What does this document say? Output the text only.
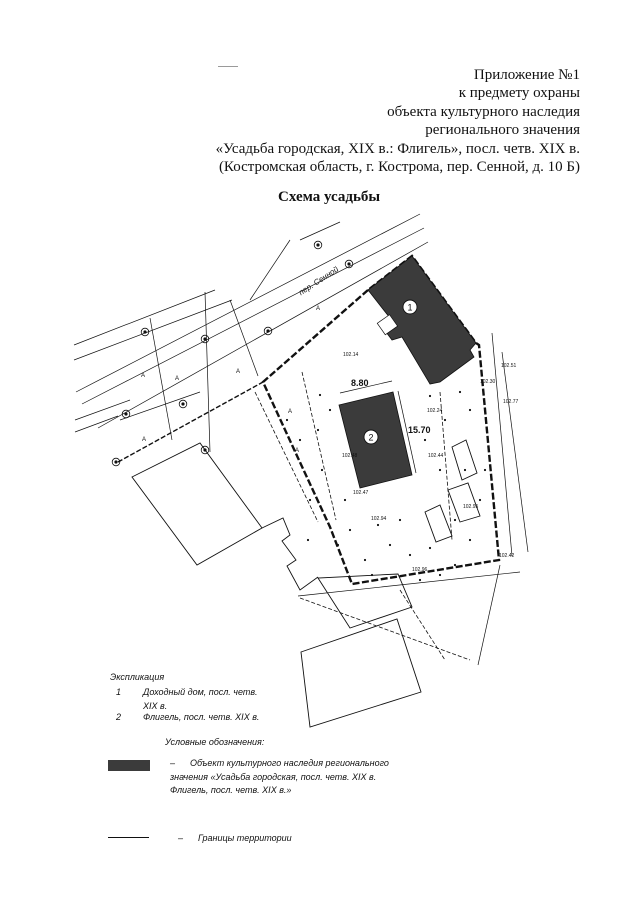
Приложение №1
к предмету охраны
объекта культурного наследия
регионального значения
«Усадьба городская, XIX в.: Флигель», посл. четв. XIX в.
(Костромская область, г. Кострома, пер. Сенной, д. 10 Б)
Схема усадьбы
1
2
8.80
15.70
пер. Сенной
102.14
102.51
102.77
102.24
102.30
102.44
102.48
102.47
102.95
102.94
102.96
102.42
А
А
А
А
А
А	А
Экспликация
1 Доходный дом, посл. четв.
XIX в.
2 Флигель, посл. четв. XIX в.
Условные обозначения:
– Объект культурного наследия регионального
значения «Усадьба городская, посл. четв. XIX в.
Флигель, посл. четв. XIX в.»
– Границы территории
